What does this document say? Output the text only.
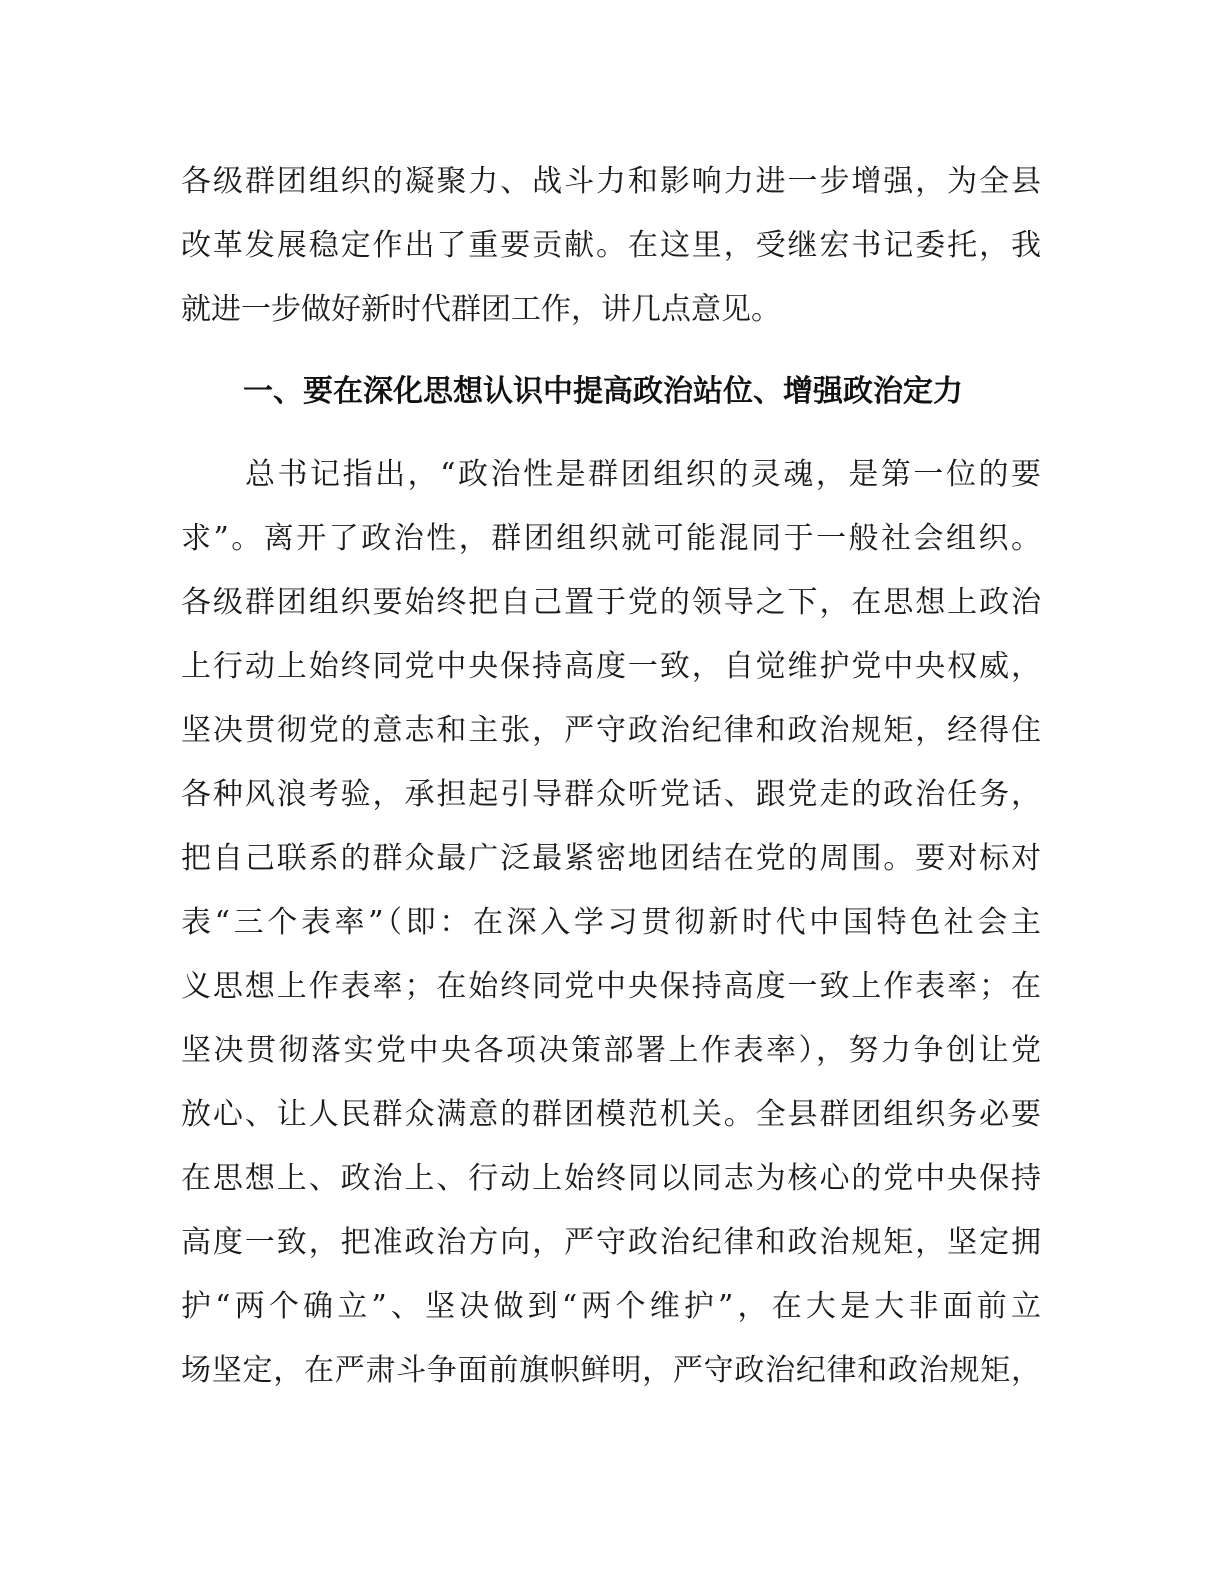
各级群团组织的凝聚力、战斗力和影响力进一步增强，为全县
改革发展稳定作出了重要贡献。在这里，受继宏书记委托，我
就进一步做好新时代群团工作，讲几点意见。
一、要在深化思想认识中提高政治站位、增强政治定力
总书记指出，“政治性是群团组织的灵魂，是第一位的要
求”。离开了政治性，群团组织就可能混同于一般社会组织。
各级群团组织要始终把自己置于党的领导之下，在思想上政治
上行动上始终同党中央保持高度一致，自觉维护党中央权威，
坚决贯彻党的意志和主张，严守政治纪律和政治规矩，经得住
各种风浪考验，承担起引导群众听党话、跟党走的政治任务，
把自己联系的群众最广泛最紧密地团结在党的周围。要对标对
表“三个表率”（即：在深入学习贯彻新时代中国特色社会主
义思想上作表率；在始终同党中央保持高度一致上作表率；在
坚决贯彻落实党中央各项决策部署上作表率），努力争创让党
放心、让人民群众满意的群团模范机关。全县群团组织务必要
在思想上、政治上、行动上始终同以同志为核心的党中央保持
高度一致，把准政治方向，严守政治纪律和政治规矩，坚定拥
护“两个确立”、坚决做到“两个维护”，在大是大非面前立
场坚定，在严肃斗争面前旗帜鲜明，严守政治纪律和政治规矩，
